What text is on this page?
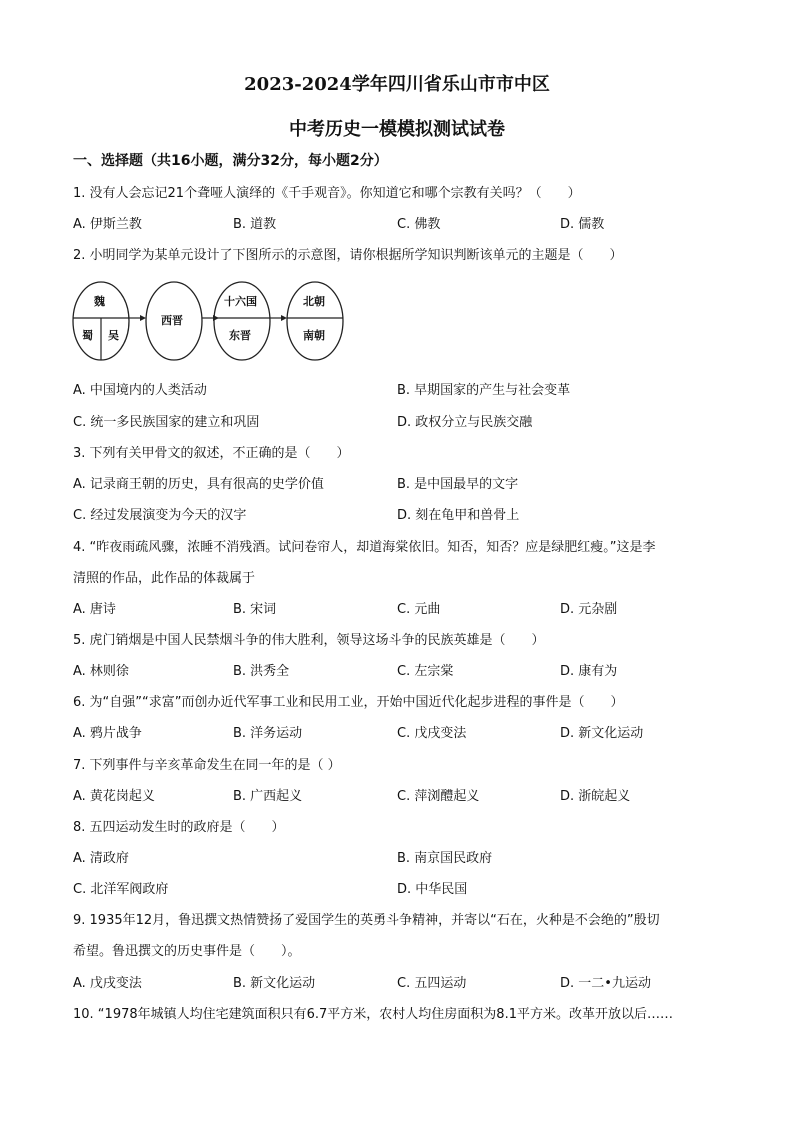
2023-2024学年四川省乐山市市中区
中考历史一模模拟测试试卷
一、选择题（共16小题，满分32分，每小题2分）
1. 没有人会忘记21个聋哑人演绎的《千手观音》。你知道它和哪个宗教有关吗？（　　）
A. 伊斯兰教	B. 道教	C. 佛教	D. 儒教
2. 小明同学为某单元设计了下图所示的示意图，请你根据所学知识判断该单元的主题是（　　）
魏
蜀 吴
西晋
十六国
东晋
北朝
南朝
A. 中国境内的人类活动	B. 早期国家的产生与社会变革
C. 统一多民族国家的建立和巩固	D. 政权分立与民族交融
3. 下列有关甲骨文的叙述，不正确的是（　　）
A. 记录商王朝的历史，具有很高的史学价值	B. 是中国最早的文字
C. 经过发展演变为今天的汉字	D. 刻在龟甲和兽骨上
4. “昨夜雨疏风骤，浓睡不消残酒。试问卷帘人，却道海棠依旧。知否，知否？应是绿肥红瘦。”这是李
清照的作品，此作品的体裁属于
A. 唐诗	B. 宋词	C. 元曲	D. 元杂剧
5. 虎门销烟是中国人民禁烟斗争的伟大胜利，领导这场斗争的民族英雄是（　　）
A. 林则徐	B. 洪秀全	C. 左宗棠	D. 康有为
6. 为“自强”“求富”而创办近代军事工业和民用工业，开始中国近代化起步进程的事件是（　　）
A. 鸦片战争	B. 洋务运动	C. 戊戌变法	D. 新文化运动
7. 下列事件与辛亥革命发生在同一年的是（ ）
A. 黄花岗起义	B. 广西起义	C. 萍浏醴起义	D. 浙皖起义
8. 五四运动发生时的政府是（　　）
A. 清政府	B. 南京国民政府
C. 北洋军阀政府	D. 中华民国
9. 1935年12月，鲁迅撰文热情赞扬了爱国学生的英勇斗争精神，并寄以“石在，火种是不会绝的”殷切
希望。鲁迅撰文的历史事件是（　　）。
A. 戊戌变法	B. 新文化运动	C. 五四运动	D. 一二•九运动
10. “1978年城镇人均住宅建筑面积只有6.7平方米，农村人均住房面积为8.1平方米。改革开放以后……
